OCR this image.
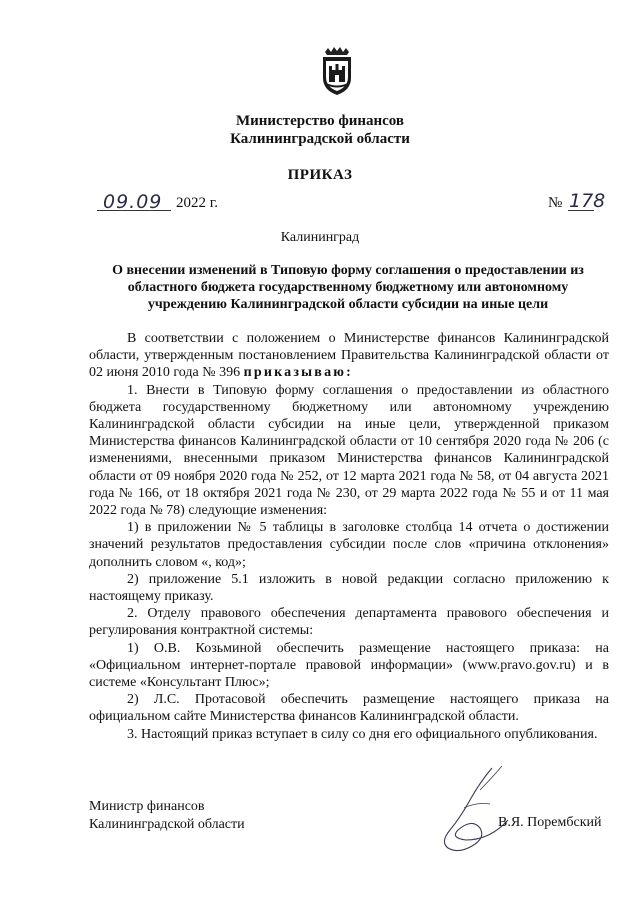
Министерство финансов
Калининградской области
ПРИКАЗ
09.09 2022 г.	№ 178
Калининград
О внесении изменений в Типовую форму соглашения о предоставлении из
областного бюджета государственному бюджетному или автономному
учреждению Калининградской области субсидии на иные цели

В соответствии с положением о Министерстве финансов Калининградской области, утвержденным постановлением Правительства Калининградской области от 02 июня 2010 года № 396 приказываю:

1. Внести в Типовую форму соглашения о предоставлении из областного бюджета государственному бюджетному или автономному учреждению Калининградской области субсидии на иные цели, утвержденной приказом Министерства финансов Калининградской области от 10 сентября 2020 года № 206 (с изменениями, внесенными приказом Министерства финансов Калининградской области от 09 ноября 2020 года № 252, от 12 марта 2021 года № 58, от 04 августа 2021 года № 166, от 18 октября 2021 года № 230, от 29 марта 2022 года № 55 и от 11 мая 2022 года № 78) следующие изменения:

1) в приложении № 5 таблицы в заголовке столбца 14 отчета о достижении значений результатов предоставления субсидии после слов «причина отклонения» дополнить словом «, код»;

2) приложение 5.1 изложить в новой редакции согласно приложению к настоящему приказу.

2. Отделу правового обеспечения департамента правового обеспечения и регулирования контрактной системы:

1) О.В. Козьминой обеспечить размещение настоящего приказа: на «Официальном интернет-портале правовой информации» (www.pravo.gov.ru) и в системе «Консультант Плюс»;

2) Л.С. Протасовой обеспечить размещение настоящего приказа на официальном сайте Министерства финансов Калининградской области.

3. Настоящий приказ вступает в силу со дня его официального опубликования.

Министр финансов
Калининградской области	В.Я. Порембский
